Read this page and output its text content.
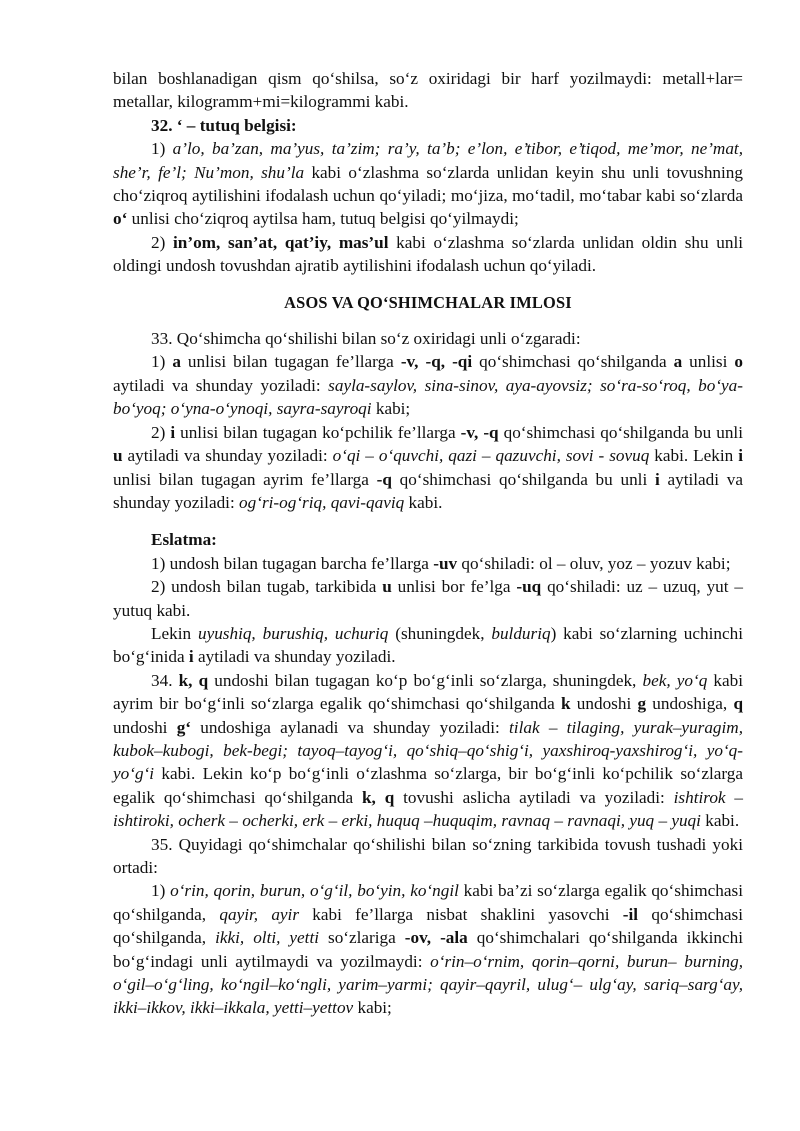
bilan boshlanadigan qism qo‘shilsa, so‘z oxiridagi bir harf yozilmaydi: metall+lar= metallar, kilogramm+mi=kilogrammi kabi.

32. ‘ – tutuq belgisi:

1) a’lo, ba’zan, ma’yus, ta’zim; ra’y, ta’b; e’lon, e’tibor, e’tiqod, me’mor, ne’mat, she’r, fe’l; Nu’mon, shu’la kabi o‘zlashma so‘zlarda unlidan keyin shu unli tovushning cho‘ziqroq aytilishini ifodalash uchun qo‘yiladi; mo‘jiza, mo‘tadil, mo‘tabar kabi so‘zlarda o‘ unlisi cho‘ziqroq aytilsa ham, tutuq belgisi qo‘yilmaydi;

2) in’om, san’at, qat’iy, mas’ul kabi o‘zlashma so‘zlarda unlidan oldin shu unli oldingi undosh tovushdan ajratib aytilishini ifodalash uchun qo‘yiladi.

ASOS VA QO‘SHIMCHALAR IMLOSI

33. Qo‘shimcha qo‘shilishi bilan so‘z oxiridagi unli o‘zgaradi:

1) a unlisi bilan tugagan fe’llarga -v, -q, -qi qo‘shimchasi qo‘shilganda a unlisi o aytiladi va shunday yoziladi: sayla-saylov, sina-sinov, aya-ayovsiz; so‘ra-so‘roq, bo‘ya-bo‘yoq; o‘yna-o‘ynoqi, sayra-sayroqi kabi;

2) i unlisi bilan tugagan ko‘pchilik fe’llarga -v, -q qo‘shimchasi qo‘shilganda bu unli u aytiladi va shunday yoziladi: o‘qi – o‘quvchi, qazi – qazuvchi, sovi - sovuq kabi. Lekin i unlisi bilan tugagan ayrim fe’llarga -q qo‘shimchasi qo‘shilganda bu unli i aytiladi va shunday yoziladi: og‘ri-og‘riq, qavi-qaviq kabi.

Eslatma:

1) undosh bilan tugagan barcha fe’llarga -uv qo‘shiladi: ol – oluv, yoz – yozuv kabi;

2) undosh bilan tugab, tarkibida u unlisi bor fe’lga -uq qo‘shiladi: uz – uzuq, yut – yutuq kabi.

Lekin uyushiq, burushiq, uchuriq (shuningdek, bulduriq) kabi so‘zlarning uchinchi bo‘g‘inida i aytiladi va shunday yoziladi.

34. k, q undoshi bilan tugagan ko‘p bo‘g‘inli so‘zlarga, shuningdek, bek, yo‘q kabi ayrim bir bo‘g‘inli so‘zlarga egalik qo‘shimchasi qo‘shilganda k undoshi g undoshiga, q undoshi g‘ undoshiga aylanadi va shunday yoziladi: tilak – tilaging, yurak–yuragim, kubok–kubogi, bek-begi; tayoq–tayog‘i, qo‘shiq–qo‘shig‘i, yaxshiroq-yaxshirog‘i, yo‘q-yo‘g‘i kabi. Lekin ko‘p bo‘g‘inli o‘zlashma so‘zlarga, bir bo‘g‘inli ko‘pchilik so‘zlarga egalik qo‘shimchasi qo‘shilganda k, q tovushi aslicha aytiladi va yoziladi: ishtirok – ishtiroki, ocherk – ocherki, erk – erki, huquq –huquqim, ravnaq – ravnaqi, yuq – yuqi kabi.

35. Quyidagi qo‘shimchalar qo‘shilishi bilan so‘zning tarkibida tovush tushadi yoki ortadi:

1) o‘rin, qorin, burun, o‘g‘il, bo‘yin, ko‘ngil kabi ba’zi so‘zlarga egalik qo‘shimchasi qo‘shilganda, qayir, ayir kabi fe’llarga nisbat shaklini yasovchi -il qo‘shimchasi qo‘shilganda, ikki, olti, yetti so‘zlariga -ov, -ala qo‘shimchalari qo‘shilganda ikkinchi bo‘g‘indagi unli aytilmaydi va yozilmaydi: o‘rin–o‘rnim, qorin–qorni, burun– burning, o‘gil–o‘g‘ling, ko‘ngil–ko‘ngli, yarim–yarmi; qayir–qayril, ulug‘– ulg‘ay, sariq–sarg‘ay, ikki–ikkov, ikki–ikkala, yetti–yettov kabi;
